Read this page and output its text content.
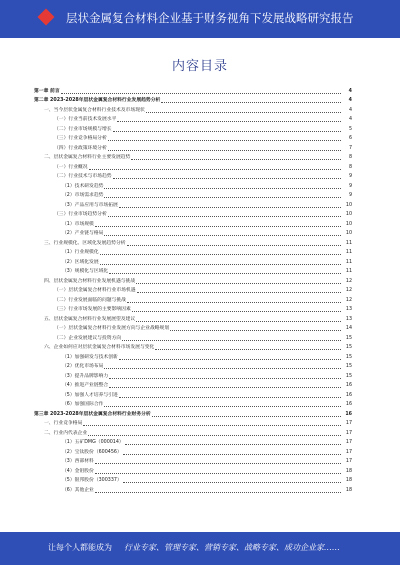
层状金属复合材料企业基于财务视角下发展战略研究报告
内容目录
第一章 前言	4
第二章 2023-2028年层状金属复合材料行业发展趋势分析	4
一、当今层状金属复合材料行业技术及市场现状	4
（一）行业当前技术发展水平	4
（二）行业市场规模与增长	5
（三）行业竞争格局分析	6
（四）行业政策环境分析	7
二、层状金属复合材料行业主要发展趋势	8
（一）行业概况	8
（二）行业技术与市场趋势	9
（1）技术研发趋势	9
（2）市场需求趋势	9
（3）产品应用与市场拓展	10
（三）行业市场趋势分析	10
（1）市场规模	10
（2）产业链与格局	10
三、行业规模化、区域化发展趋势分析	11
（1）行业规模化	11
（2）区域化发展	11
（3）规模化与区域化	11
四、层状金属复合材料行业发展机遇与挑战	12
（一）层状金属复合材料行业市场机遇	12
（二）行业发展面临的问题与挑战	12
（三）行业市场发展的主要影响因素	13
五、层状金属复合材料行业发展展望及建议	13
（一）层状金属复合材料行业发展方向与企业战略规划	14
（二）企业发展建议与投资方向	15
六、企业如何应对层状金属复合材料市场发展与变化	15
（1）加强研发与技术创新	15
（2）优化市场布局	15
（3）提升品牌影响力	15
（4）推进产业链整合	16
（5）加强人才培养与引进	16
（6）加强国际合作	16
第三章 2023-2028年层状金属复合材料行业财务分析	16
一、行业竞争格局	17
二、行业内代表企业	17
（1）五矿DMG（000014）	17
（2）宝钛股份（600456）	17
（3）西部材料	17
（4）金钼股份	18
（5）银邦股份（300337）	18
（6）其他企业	18
让每个人都能成为 行业专家、管理专家、营销专家、战略专家、成功企业家……
